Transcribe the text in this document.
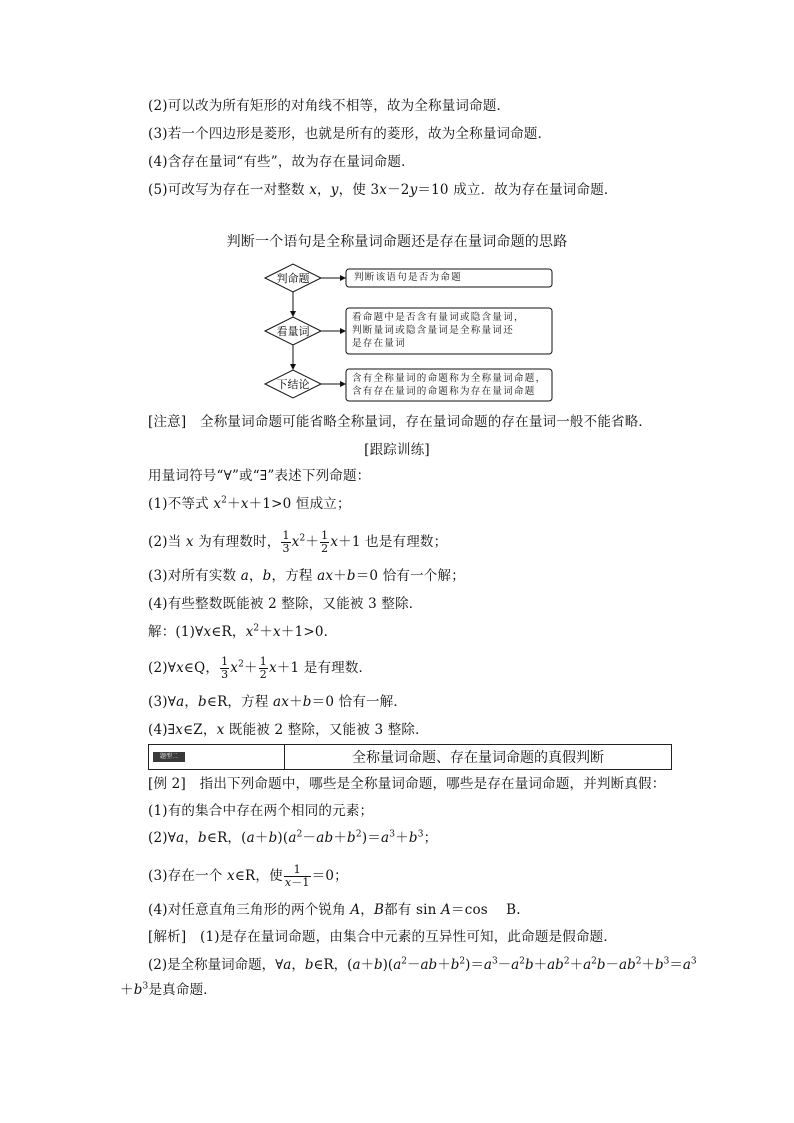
(2)可以改为所有矩形的对角线不相等，故为全称量词命题．
(3)若一个四边形是菱形，也就是所有的菱形，故为全称量词命题．
(4)含存在量词“有些”，故为存在量词命题．
(5)可改写为存在一对整数 x，y，使 3x－2y＝10 成立．故为存在量词命题．
判断一个语句是全称量词命题还是存在量词命题的思路
判命题
看量词
下结论
判断该语句是否为命题
看命题中是否含有量词或隐含量词，
判断量词或隐含量词是全称量词还
是存在量词
含有全称量词的命题称为全称量词命题，
含有存在量词的命题称为存在量词命题
[注意]　全称量词命题可能省略全称量词，存在量词命题的存在量词一般不能省略．
[跟踪训练]
用量词符号“∀”或“∃”表述下列命题：
(1)不等式 $x^2+x+1>0$ 恒成立；
(2)当 x 为有理数时， $\frac{1}{3} x^2+ \frac{1}{2} x+1$ 也是有理数；
(3)对所有实数 a，b，方程 ax＋b＝0 恰有一个解；
(4)有些整数既能被 2 整除，又能被 3 整除．
解：(1)∀x∈R，$x^2+x+1>0$．
(2)∀x∈Q， $\frac{1}{3} x^2+ \frac{1}{2} x+1$ 是有理数．
(3)∀a，b∈R，方程 ax＋b＝0 恰有一解．
(4)∃x∈Z，x 既能被 2 整除，又能被 3 整除．
题型二	全称量词命题、存在量词命题的真假判断
[例 2]　指出下列命题中，哪些是全称量词命题，哪些是存在量词命题，并判断真假：
(1)有的集合中存在两个相同的元素；
(2)∀a，b∈R，$(a+b)(a^2-ab+b^2)=a^3+b^3$；
(3)存在一个 x∈R，使 $\frac{1}{x-1} =0$；
(4)对任意直角三角形的两个锐角 A，B都有 sin A＝cos　 B.
[解析]　(1)是存在量词命题，由集合中元素的互异性可知，此命题是假命题．
(2)是全称量词命题，∀a，b∈R，$(a+b)(a^2-ab+b^2)=a^3-a^2b+ab^2+a^2b-ab^2+b^3=a^3$
$+b^3$是真命题．
